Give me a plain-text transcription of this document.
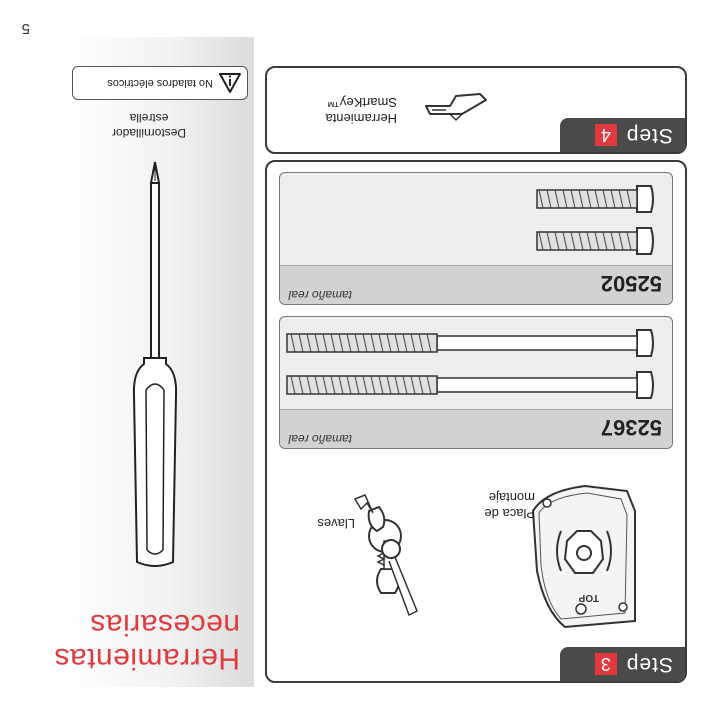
5
Herramientas
necesarias
Destornillador estrella
No taladros eléctricos
Step
3
TOP
Placa de montaje
Llaves
52367
tamaño real
52502
tamaño real
Step
4
Herramienta SmartKey™
